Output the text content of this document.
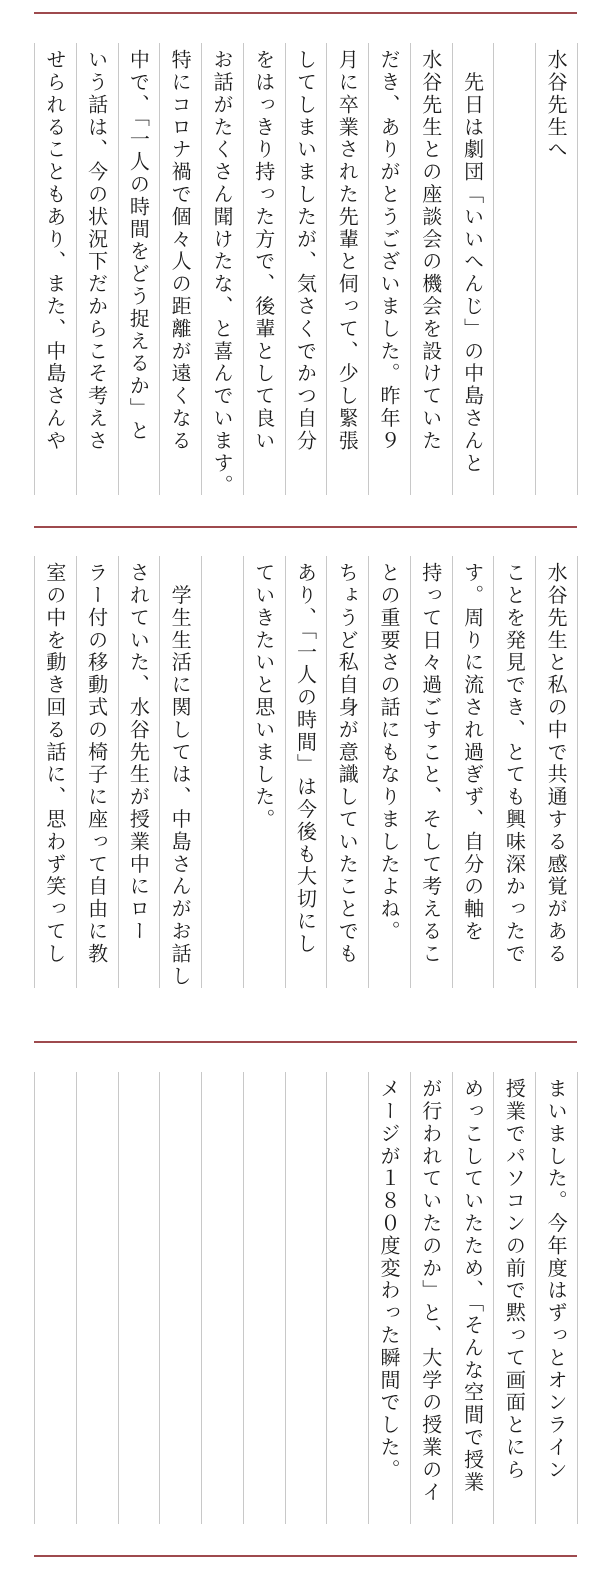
水谷先生へ
　先日は劇団「いいへんじ」の中島さんと
水谷先生との座談会の機会を設けていた
だき、ありがとうございました。昨年９
月に卒業された先輩と伺って、少し緊張
してしまいましたが、気さくでかつ自分
をはっきり持った方で、後輩として良い
お話がたくさん聞けたな、と喜んでいます。
特にコロナ禍で個々人の距離が遠くなる
中で、「一人の時間をどう捉えるか」と
いう話は、今の状況下だからこそ考えさ
せられることもあり、また、中島さんや
水谷先生と私の中で共通する感覚がある
ことを発見でき、とても興味深かったで
す。周りに流され過ぎず、自分の軸を
持って日々過ごすこと、そして考えるこ
との重要さの話にもなりましたよね。
ちょうど私自身が意識していたことでも
あり、「一人の時間」は今後も大切にし
ていきたいと思いました。
　学生生活に関しては、中島さんがお話し
されていた、水谷先生が授業中にロー
ラー付の移動式の椅子に座って自由に教
室の中を動き回る話に、思わず笑ってし
まいました。今年度はずっとオンライン
授業でパソコンの前で黙って画面とにら
めっこしていたため、「そんな空間で授業
が行われていたのか」と、大学の授業のイ
メージが１８０度変わった瞬間でした。
